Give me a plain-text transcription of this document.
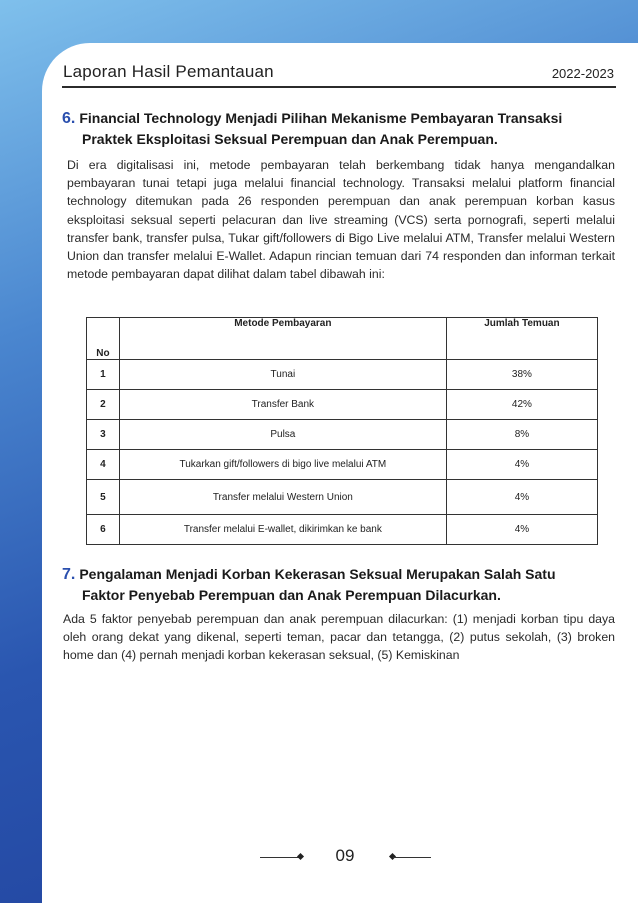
Laporan Hasil Pemantauan	2022-2023
6. Financial Technology Menjadi Pilihan Mekanisme Pembayaran Transaksi
Praktek Eksploitasi Seksual Perempuan dan Anak Perempuan.

Di era digitalisasi ini, metode pembayaran telah berkembang tidak hanya mengandalkan pembayaran tunai tetapi juga melalui financial technology. Transaksi melalui platform financial technology ditemukan pada 26 responden perempuan dan anak perempuan korban kasus eksploitasi seksual seperti pelacuran dan live streaming (VCS) serta pornografi, seperti melalui transfer bank, transfer pulsa, Tukar gift/followers di Bigo Live melalui ATM, Transfer melalui Western Union dan transfer melalui E-Wallet. Adapun rincian temuan dari 74 responden dan informan terkait metode pembayaran dapat dilihat dalam tabel dibawah ini:

No	Metode Pembayaran	Jumlah Temuan
1	Tunai	38%
2	Transfer Bank	42%
3	Pulsa	8%
4	Tukarkan gift/followers di bigo live melalui ATM	4%
5	Transfer melalui Western Union	4%
6	Transfer melalui E-wallet, dikirimkan ke bank	4%
7. Pengalaman Menjadi Korban Kekerasan Seksual Merupakan Salah Satu
Faktor Penyebab Perempuan dan Anak Perempuan Dilacurkan.

Ada 5 faktor penyebab perempuan dan anak perempuan dilacurkan: (1) menjadi korban tipu daya oleh orang dekat yang dikenal, seperti teman, pacar dan tetangga, (2) putus sekolah, (3) broken home dan (4) pernah menjadi korban kekerasan seksual, (5) Kemiskinan

09
